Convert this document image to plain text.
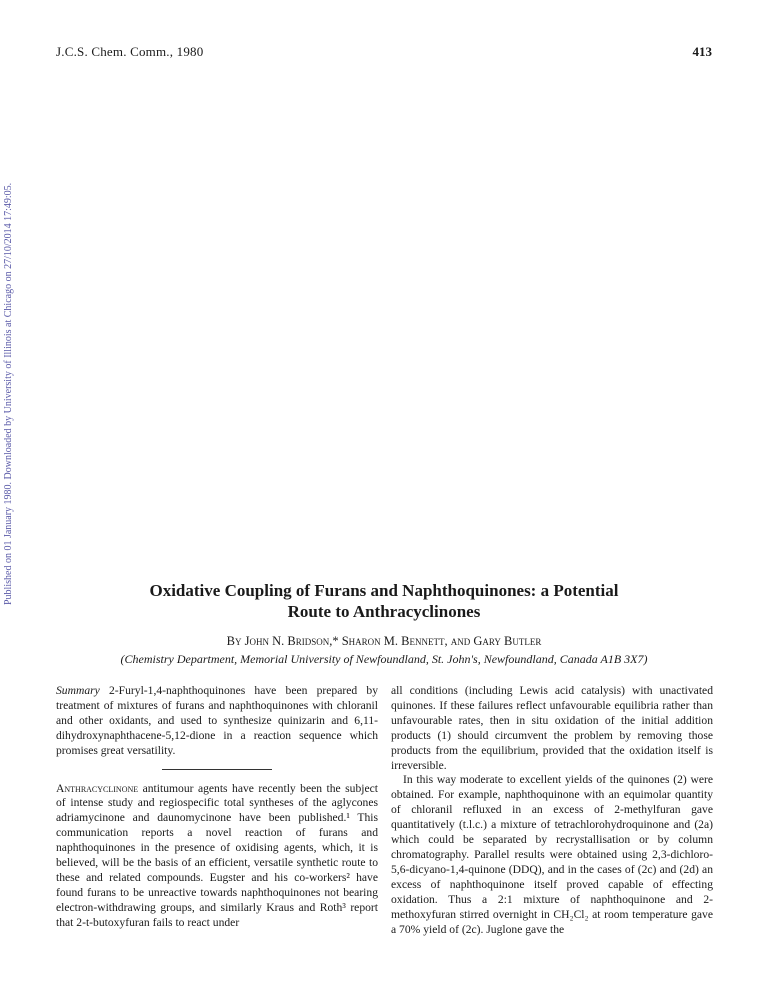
J.C.S. Chem. Comm., 1980	413
Published on 01 January 1980. Downloaded by University of Illinois at Chicago on 27/10/2014 17:49:05.	Oxidative Coupling of Furans and Naphthoquinones: a Potential
Route to Anthracyclinones
By John N. Bridson,* Sharon M. Bennett, and Gary Butler
(Chemistry Department, Memorial University of Newfoundland, St. John's, Newfoundland, Canada A1B 3X7)

Summary 2-Furyl-1,4-naphthoquinones have been prepared by treatment of mixtures of furans and naphthoquinones with chloranil and other oxidants, and used to synthesize quinizarin and 6,11-dihydroxynaphthacene-5,12-dione in a reaction sequence which promises great versatility.

Anthracyclinone antitumour agents have recently been the subject of intense study and regiospecific total syntheses of the aglycones adriamycinone and daunomycinone have been published.¹ This communication reports a novel reaction of furans and naphthoquinones in the presence of oxidising agents, which, it is believed, will be the basis of an efficient, versatile synthetic route to these and related compounds. Eugster and his co-workers² have found furans to be unreactive towards naphthoquinones not bearing electron-withdrawing groups, and similarly Kraus and Roth³ report that 2-t-butoxyfuran fails to react under

all conditions (including Lewis acid catalysis) with unactivated quinones. If these failures reflect unfavourable equilibria rather than unfavourable rates, then in situ oxidation of the initial addition products (1) should circumvent the problem by removing those products from the equilibrium, provided that the oxidation itself is irreversible.

In this way moderate to excellent yields of the quinones (2) were obtained. For example, naphthoquinone with an equimolar quantity of chloranil refluxed in an excess of 2-methylfuran gave quantitatively (t.l.c.) a mixture of tetrachlorohydroquinone and (2a) which could be separated by recrystallisation or by column chromatography. Parallel results were obtained using 2,3-dichloro-5,6-dicyano-1,4-quinone (DDQ), and in the cases of (2c) and (2d) an excess of naphthoquinone itself proved capable of effecting oxidation. Thus a 2:1 mixture of naphthoquinone and 2-methoxyfuran stirred overnight in CH₂Cl₂ at room temperature gave a 70% yield of (2c). Juglone gave the
